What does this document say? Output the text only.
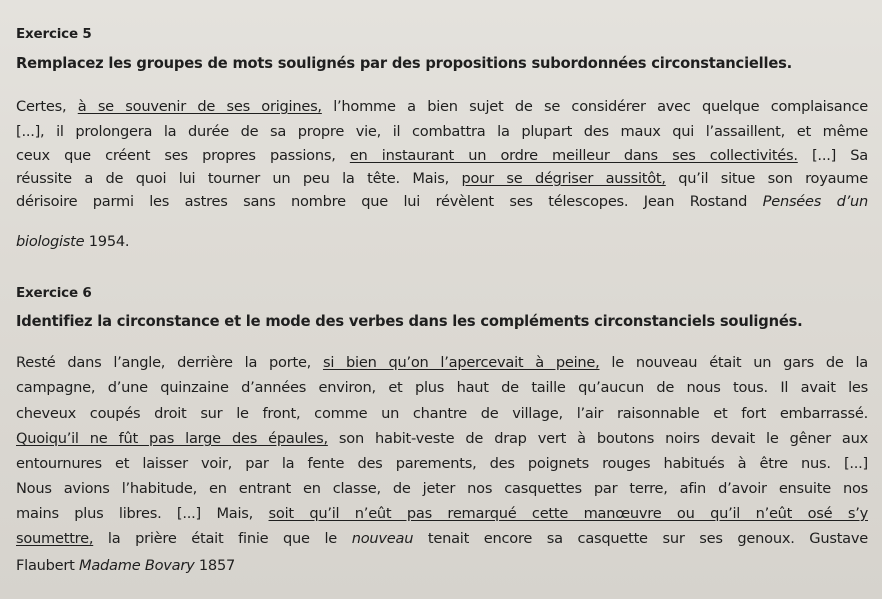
Exercice 5
Remplacez les groupes de mots soulignés par des propositions subordonnées circonstancielles.
Certes, à se souvenir de ses origines, l’homme a bien sujet de se considérer avec quelque complaisance
[...], il prolongera la durée de sa propre vie, il combattra la plupart des maux qui l’assaillent, et même
ceux que créent ses propres passions, en instaurant un ordre meilleur dans ses collectivités. [...] Sa
réussite a de quoi lui tourner un peu la tête. Mais, pour se dégriser aussitôt, qu’il situe son royaume
dérisoire parmi les astres sans nombre que lui révèlent ses télescopes. Jean Rostand Pensées d’un
biologiste 1954.
Exercice 6
Identifiez la circonstance et le mode des verbes dans les compléments circonstanciels soulignés.
Resté dans l’angle, derrière la porte, si bien qu’on l’apercevait à peine, le nouveau était un gars de la
campagne, d’une quinzaine d’années environ, et plus haut de taille qu’aucun de nous tous. Il avait les
cheveux coupés droit sur le front, comme un chantre de village, l’air raisonnable et fort embarrassé.
Quoiqu’il ne fût pas large des épaules, son habit-veste de drap vert à boutons noirs devait le gêner aux
entournures et laisser voir, par la fente des parements, des poignets rouges habitués à être nus. [...]
Nous avions l’habitude, en entrant en classe, de jeter nos casquettes par terre, afin d’avoir ensuite nos
mains plus libres. [...] Mais, soit qu’il n’eût pas remarqué cette manœuvre ou qu’il n’eût osé s’y
soumettre, la prière était finie que le nouveau tenait encore sa casquette sur ses genoux. Gustave
Flaubert Madame Bovary 1857
